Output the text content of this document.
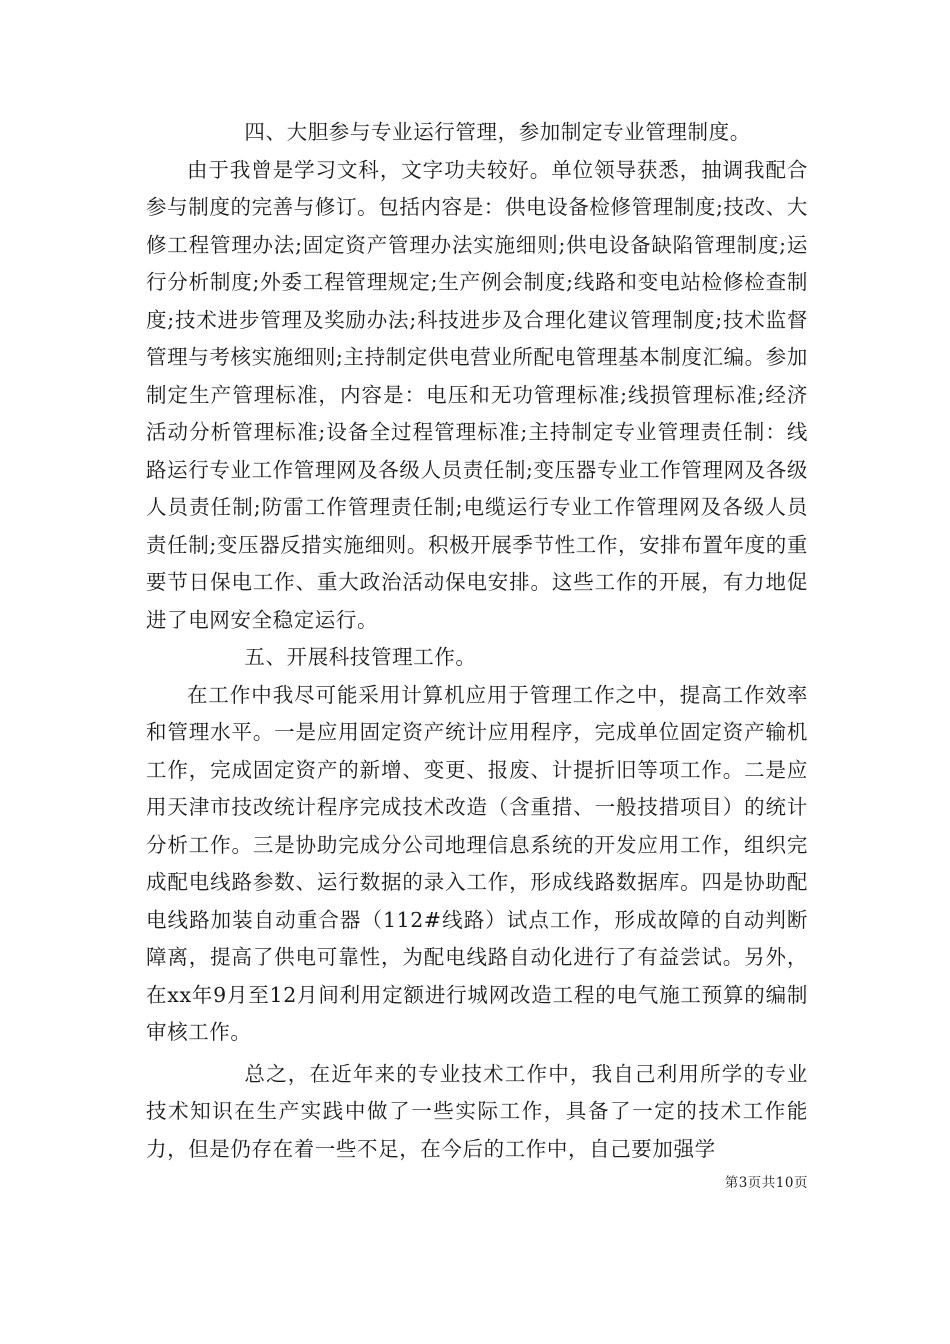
四、大胆参与专业运行管理，参加制定专业管理制度。

由于我曾是学习文科，文字功夫较好。单位领导获悉，抽调我配合参与制度的完善与修订。包括内容是：供电设备检修管理制度;技改、大修工程管理办法;固定资产管理办法实施细则;供电设备缺陷管理制度;运行分析制度;外委工程管理规定;生产例会制度;线路和变电站检修检查制度;技术进步管理及奖励办法;科技进步及合理化建议管理制度;技术监督管理与考核实施细则;主持制定供电营业所配电管理基本制度汇编。参加制定生产管理标准，内容是：电压和无功管理标准;线损管理标准;经济活动分析管理标准;设备全过程管理标准;主持制定专业管理责任制：线路运行专业工作管理网及各级人员责任制;变压器专业工作管理网及各级人员责任制;防雷工作管理责任制;电缆运行专业工作管理网及各级人员责任制;变压器反措实施细则。积极开展季节性工作，安排布置年度的重要节日保电工作、重大政治活动保电安排。这些工作的开展，有力地促进了电网安全稳定运行。

五、开展科技管理工作。

在工作中我尽可能采用计算机应用于管理工作之中，提高工作效率和管理水平。一是应用固定资产统计应用程序，完成单位固定资产输机工作，完成固定资产的新增、变更、报废、计提折旧等项工作。二是应用天津市技改统计程序完成技术改造（含重措、一般技措项目）的统计分析工作。三是协助完成分公司地理信息系统的开发应用工作，组织完成配电线路参数、运行数据的录入工作，形成线路数据库。四是协助配电线路加装自动重合器（112#线路）试点工作，形成故障的自动判断障离，提高了供电可靠性，为配电线路自动化进行了有益尝试。另外，在xx年9月至12月间利用定额进行城网改造工程的电气施工预算的编制审核工作。

总之，在近年来的专业技术工作中，我自己利用所学的专业技术知识在生产实践中做了一些实际工作，具备了一定的技术工作能力，但是仍存在着一些不足，在今后的工作中，自己要加强学

第3页共10页
